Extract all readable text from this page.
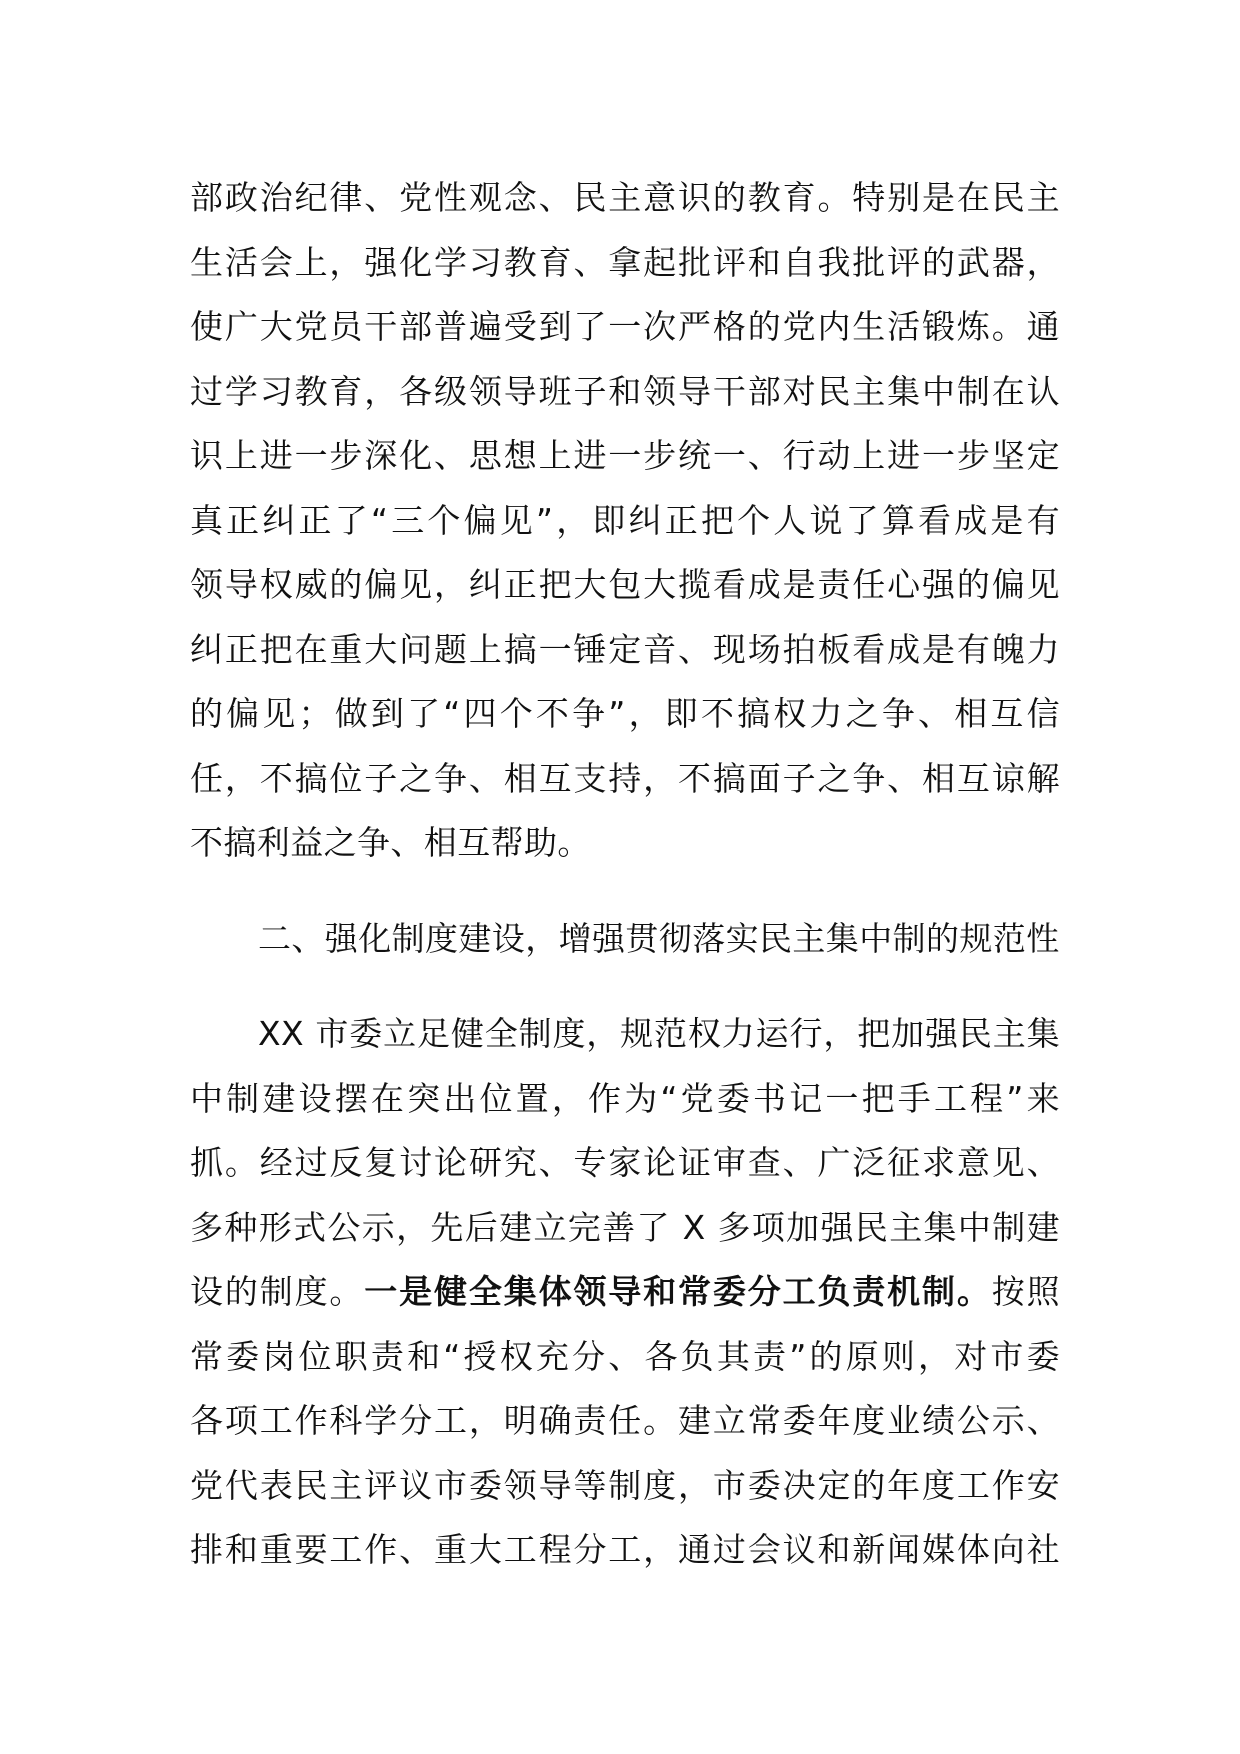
部政治纪律、党性观念、民主意识的教育。特别是在民主
生活会上，强化学习教育、拿起批评和自我批评的武器，
使广大党员干部普遍受到了一次严格的党内生活锻炼。通
过学习教育，各级领导班子和领导干部对民主集中制在认
识上进一步深化、思想上进一步统一、行动上进一步坚定
真正纠正了“三个偏见”，即纠正把个人说了算看成是有
领导权威的偏见，纠正把大包大揽看成是责任心强的偏见
纠正把在重大问题上搞一锤定音、现场拍板看成是有魄力
的偏见；做到了“四个不争”，即不搞权力之争、相互信
任，不搞位子之争、相互支持，不搞面子之争、相互谅解
不搞利益之争、相互帮助。
二、强化制度建设，增强贯彻落实民主集中制的规范性
XX 市委立足健全制度，规范权力运行，把加强民主集
中制建设摆在突出位置，作为“党委书记一把手工程”来
抓。经过反复讨论研究、专家论证审查、广泛征求意见、
多种形式公示，先后建立完善了 X 多项加强民主集中制建
设的制度。一是健全集体领导和常委分工负责机制。按照
常委岗位职责和“授权充分、各负其责”的原则，对市委
各项工作科学分工，明确责任。建立常委年度业绩公示、
党代表民主评议市委领导等制度，市委决定的年度工作安
排和重要工作、重大工程分工，通过会议和新闻媒体向社
